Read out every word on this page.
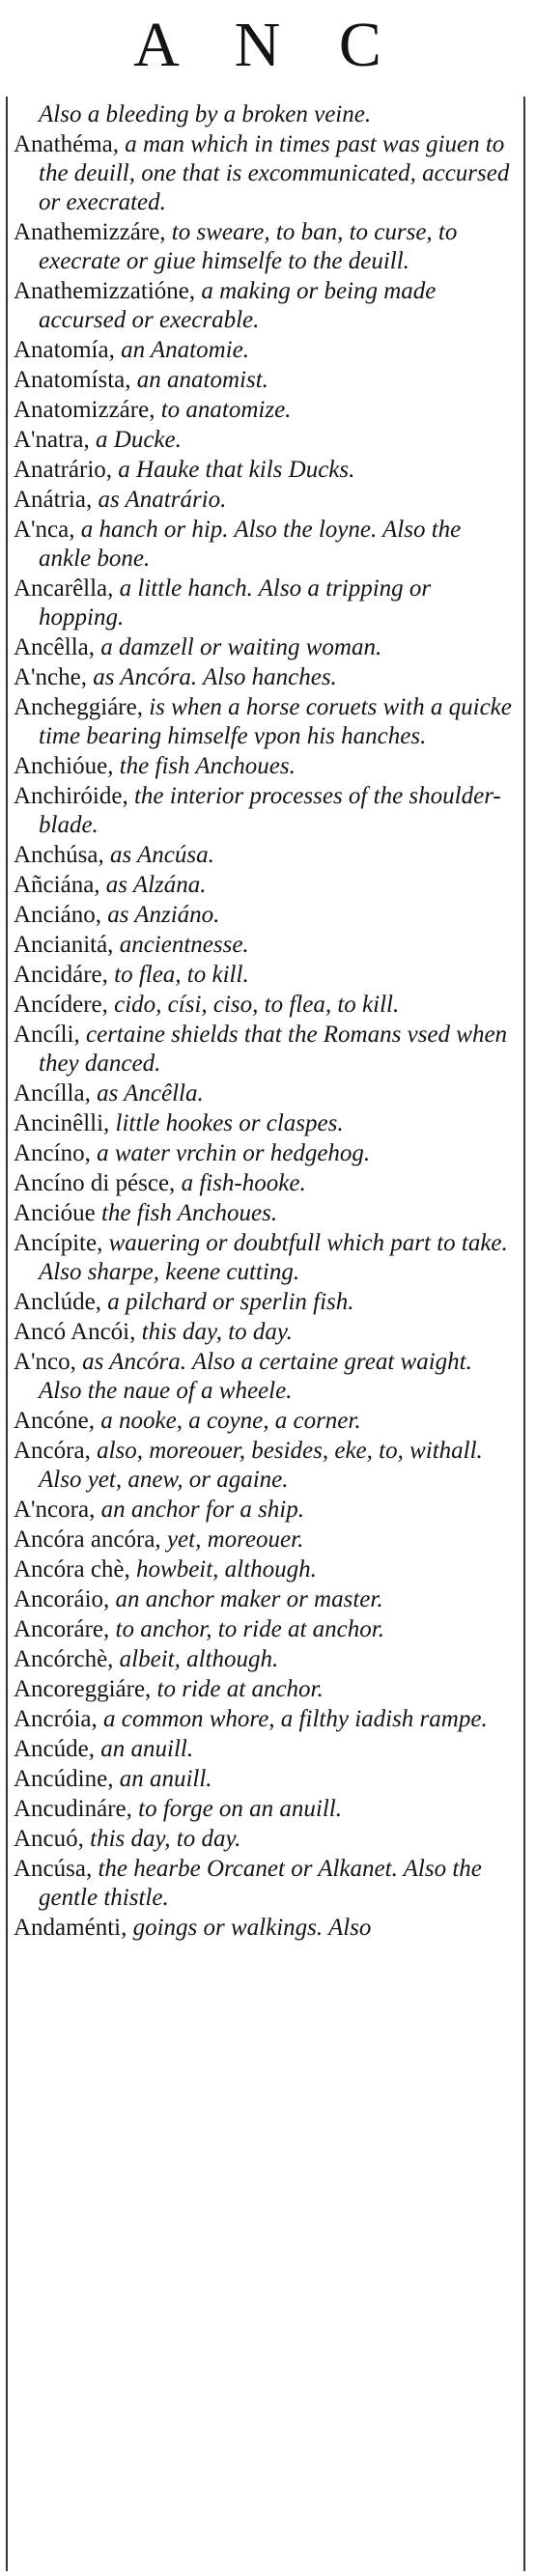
A N C

Also a bleeding by a broken veine.

Anathéma, a man which in times past was giuen to the deuill, one that is excommunicated, accursed or execrated.

Anathemizzáre, to sweare, to ban, to curse, to execrate or giue himselfe to the deuill.

Anathemizzatióne, a making or being made accursed or execrable.

Anatomía, an Anatomie.

Anatomísta, an anatomist.

Anatomizzáre, to anatomize.

A'natra, a Ducke.

Anatrário, a Hauke that kils Ducks.

Anátria, as Anatrário.

A'nca, a hanch or hip. Also the loyne. Also the ankle bone.

Ancarêlla, a little hanch. Also a tripping or hopping.

Ancêlla, a damzell or waiting woman.

A'nche, as Ancóra. Also hanches.

Ancheggiáre, is when a horse coruets with a quicke time bearing himselfe vpon his hanches.

Anchióue, the fish Anchoues.

Anchiróide, the interior processes of the shoulder-blade.

Anchúsa, as Ancúsa.

Añciána, as Alzána.

Anciáno, as Anziáno.

Ancianitá, ancientnesse.

Ancidáre, to flea, to kill.

Ancídere, cido, císi, ciso, to flea, to kill.

Ancíli, certaine shields that the Romans vsed when they danced.

Ancílla, as Ancêlla.

Ancinêlli, little hookes or claspes.

Ancíno, a water vrchin or hedgehog.

Ancíno di pésce, a fish-hooke.

Ancióue the fish Anchoues.

Ancípite, wauering or doubtfull which part to take. Also sharpe, keene cutting.

Anclúde, a pilchard or sperlin fish.

Ancó Ancói, this day, to day.

A'nco, as Ancóra. Also a certaine great waight. Also the naue of a wheele.

Ancóne, a nooke, a coyne, a corner.

Ancóra, also, moreouer, besides, eke, to, withall. Also yet, anew, or againe.

A'ncora, an anchor for a ship.

Ancóra ancóra, yet, moreouer.

Ancóra chè, howbeit, although.

Ancoráio, an anchor maker or master.

Ancoráre, to anchor, to ride at anchor.

Ancórchè, albeit, although.

Ancoreggiáre, to ride at anchor.

Ancróia, a common whore, a filthy iadish rampe.

Ancúde, an anuill.

Ancúdine, an anuill.

Ancudináre, to forge on an anuill.

Ancuó, this day, to day.

Ancúsa, the hearbe Orcanet or Alkanet. Also the gentle thistle.

Andaménti, goings or walkings. Also
